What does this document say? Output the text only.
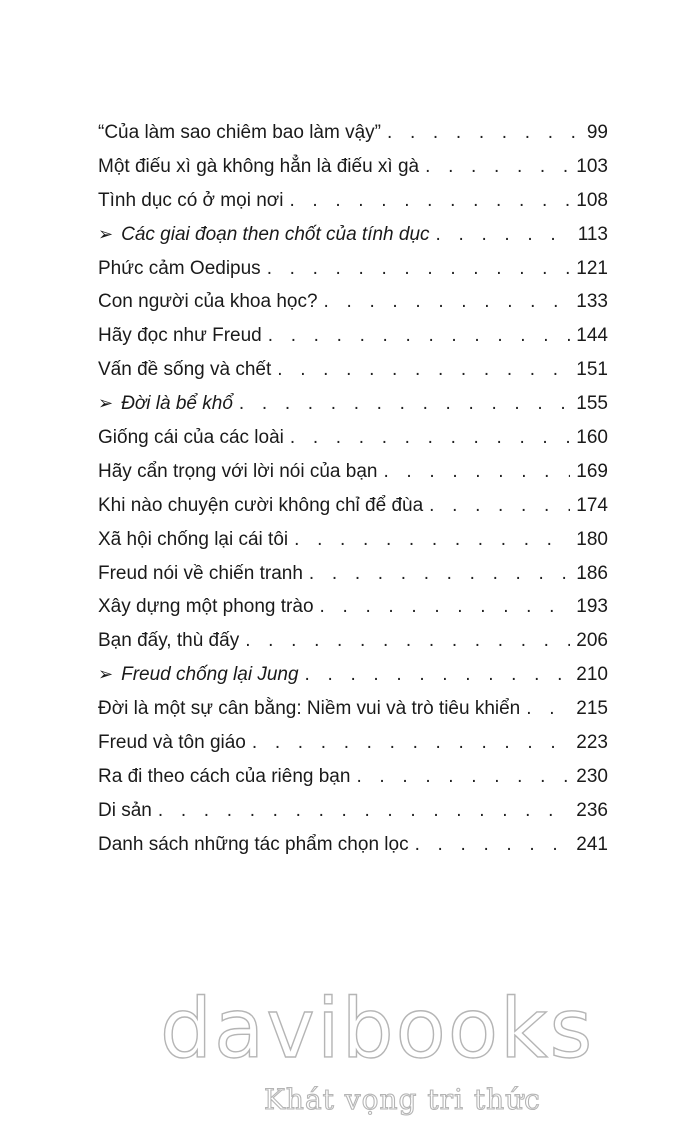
“Của làm sao chiêm bao làm vậy” . . .	99
Một điếu xì gà không hẳn là điếu xì gà . . .	103
Tình dục có ở mọi nơi . . .	108
➢ Các giai đoạn then chốt của tính dục . . .	113
Phức cảm Oedipus . . .	121
Con người của khoa học? . . .	133
Hãy đọc như Freud . . .	144
Vấn đề sống và chết . . .	151
➢ Đời là bể khổ . . .	155
Giống cái của các loài . . .	160
Hãy cẩn trọng với lời nói của bạn . . .	169
Khi nào chuyện cười không chỉ để đùa . . .	174
Xã hội chống lại cái tôi . . .	180
Freud nói về chiến tranh . . .	186
Xây dựng một phong trào . . .	193
Bạn đấy, thù đấy . . .	206
➢ Freud chống lại Jung . . .	210
Đời là một sự cân bằng: Niềm vui và trò tiêu khiển . . .	215
Freud và tôn giáo . . .	223
Ra đi theo cách của riêng bạn . . .	230
Di sản . . .	236
Danh sách những tác phẩm chọn lọc . . .	241
davibooks
Khát vọng tri thức
